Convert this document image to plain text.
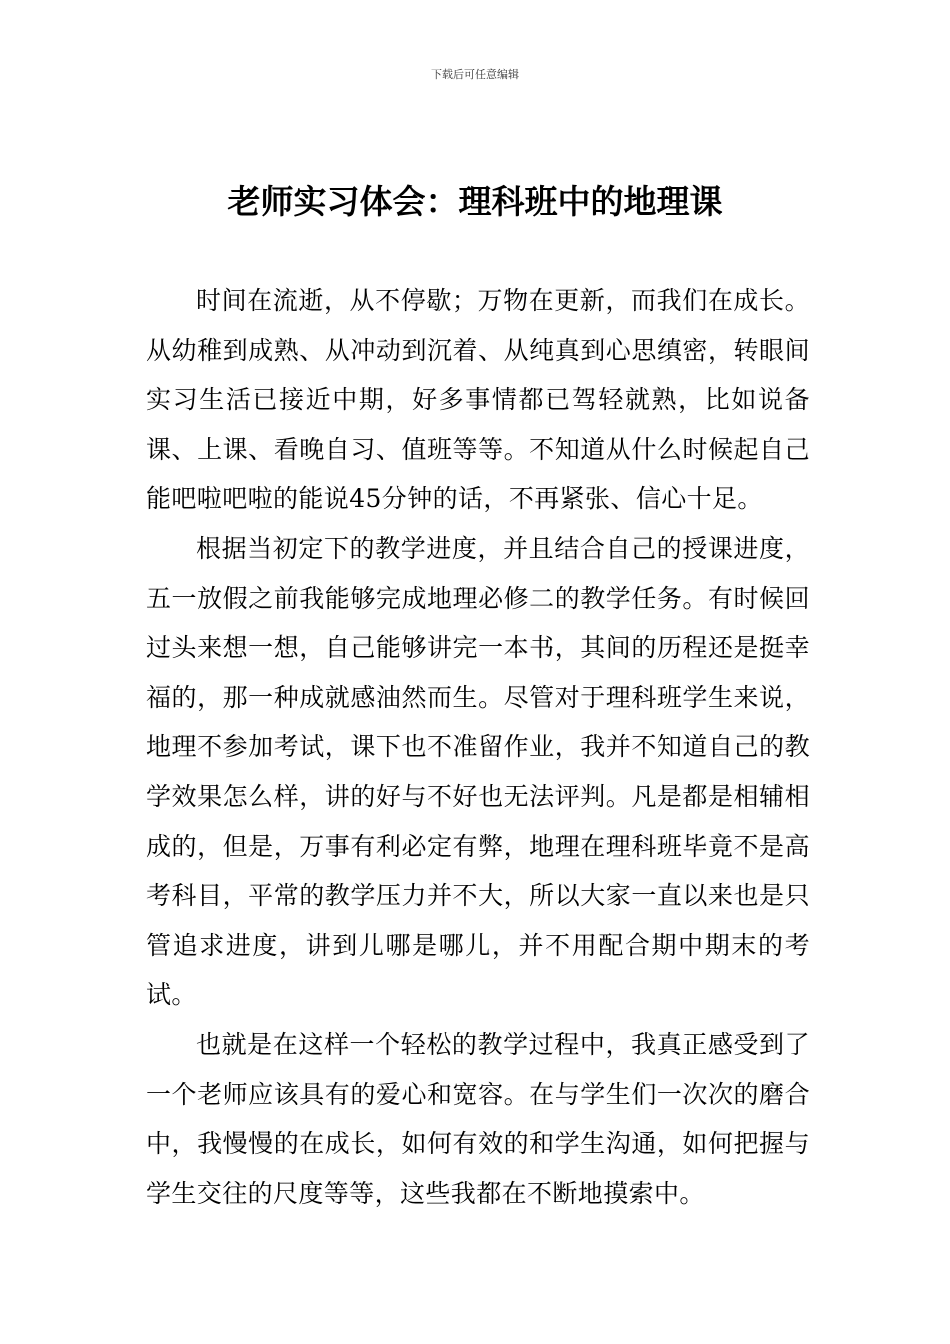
下载后可任意编辑
老师实习体会：理科班中的地理课

时间在流逝，从不停歇；万物在更新，而我们在成长。从幼稚到成熟、从冲动到沉着、从纯真到心思缜密，转眼间实习生活已接近中期，好多事情都已驾轻就熟，比如说备课、上课、看晚自习、值班等等。不知道从什么时候起自己能吧啦吧啦的能说45分钟的话，不再紧张、信心十足。

根据当初定下的教学进度，并且结合自己的授课进度，五一放假之前我能够完成地理必修二的教学任务。有时候回过头来想一想，自己能够讲完一本书，其间的历程还是挺幸福的，那一种成就感油然而生。尽管对于理科班学生来说，地理不参加考试，课下也不准留作业，我并不知道自己的教学效果怎么样，讲的好与不好也无法评判。凡是都是相辅相成的，但是，万事有利必定有弊，地理在理科班毕竟不是高考科目，平常的教学压力并不大，所以大家一直以来也是只管追求进度，讲到儿哪是哪儿，并不用配合期中期末的考试。

也就是在这样一个轻松的教学过程中，我真正感受到了一个老师应该具有的爱心和宽容。在与学生们一次次的磨合中，我慢慢的在成长，如何有效的和学生沟通，如何把握与学生交往的尺度等等，这些我都在不断地摸索中。
